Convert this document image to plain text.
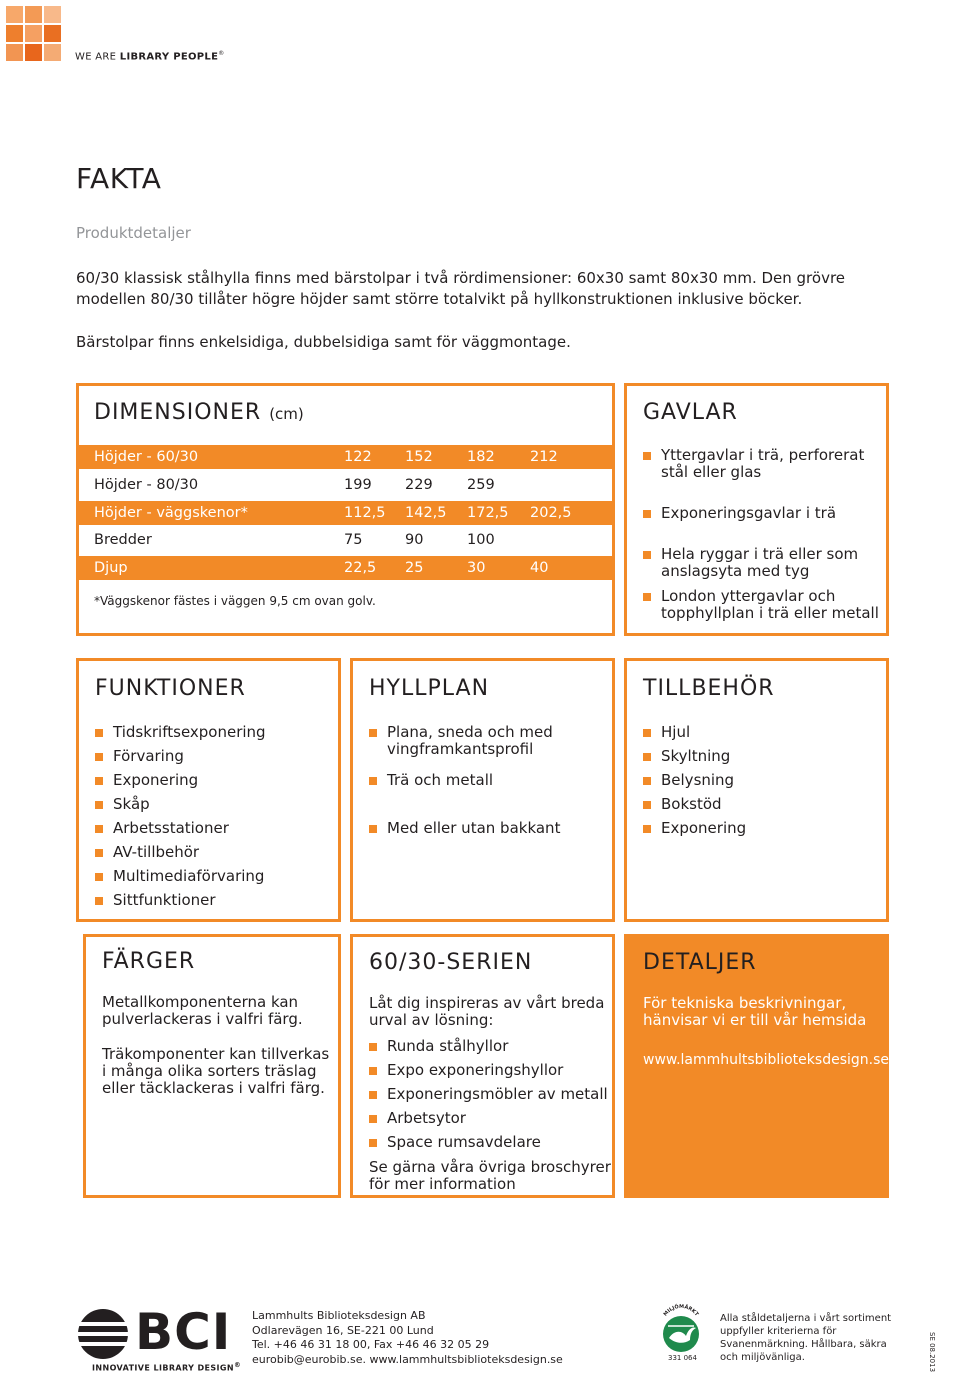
WE ARE LIBRARY PEOPLE®
FAKTA
Produktdetaljer
60/30 klassisk stålhylla finns med bärstolpar i två rördimensioner: 60x30 samt 80x30 mm. Den grövre modellen 80/30 tillåter högre höjder samt större totalvikt på hyllkonstruktionen inklusive böcker.
Bärstolpar finns enkelsidiga, dubbelsidiga samt för väggmontage.
DIMENSIONER (cm)
Höjder - 60/30	122 152 182 212
Höjder - 80/30	199 229 259
Höjder - väggskenor*	112,5 142,5 172,5 202,5
Bredder	75	90	100
Djup	22,5 25	30	40
*Väggskenor fästes i väggen 9,5 cm ovan golv.
GAVLAR
Yttergavlar i trä, perforerat
stål eller glas
Exponeringsgavlar i trä
Hela ryggar i trä eller som
anslagsyta med tyg
London yttergavlar och
topphyllplan i trä eller metall
FUNKTIONER
Tidskriftsexponering
Förvaring
Exponering
Skåp
Arbetsstationer
AV-tillbehör
Multimediaförvaring
Sittfunktioner
HYLLPLAN
Plana, sneda och med
vingframkantsprofil
Trä och metall
Med eller utan bakkant
TILLBEHÖR
Hjul
Skyltning
Belysning
Bokstöd
Exponering
FÄRGER
Metallkomponenterna kan
pulverlackeras i valfri färg.
Träkomponenter kan tillverkas
i många olika sorters träslag
eller täcklackeras i valfri färg.
60/30-SERIEN
Låt dig inspireras av vårt breda
urval av lösning:
Runda stålhyllor
Expo exponeringshyllor
Exponeringsmöbler av metall
Arbetsytor
Space rumsavdelare
Se gärna våra övriga broschyrer
för mer information
DETALJER
För tekniska beskrivningar,
hänvisar vi er till vår hemsida
www.lammhultsbiblioteksdesign.se
BCI
INNOVATIVE LIBRARY DESIGN®
Lammhults Biblioteksdesign AB
Odlarevägen 16, SE-221 00 Lund
Tel. +46 46 31 18 00, Fax +46 46 32 05 29
eurobib@eurobib.se. www.lammhultsbiblioteksdesign.se
MILJÖMÄRKT
331 064
Alla ståldetaljerna i vårt sortiment uppfyller kriterierna för Svanenmärkning. Hållbara, säkra och miljövänliga.	SE 08.2013
